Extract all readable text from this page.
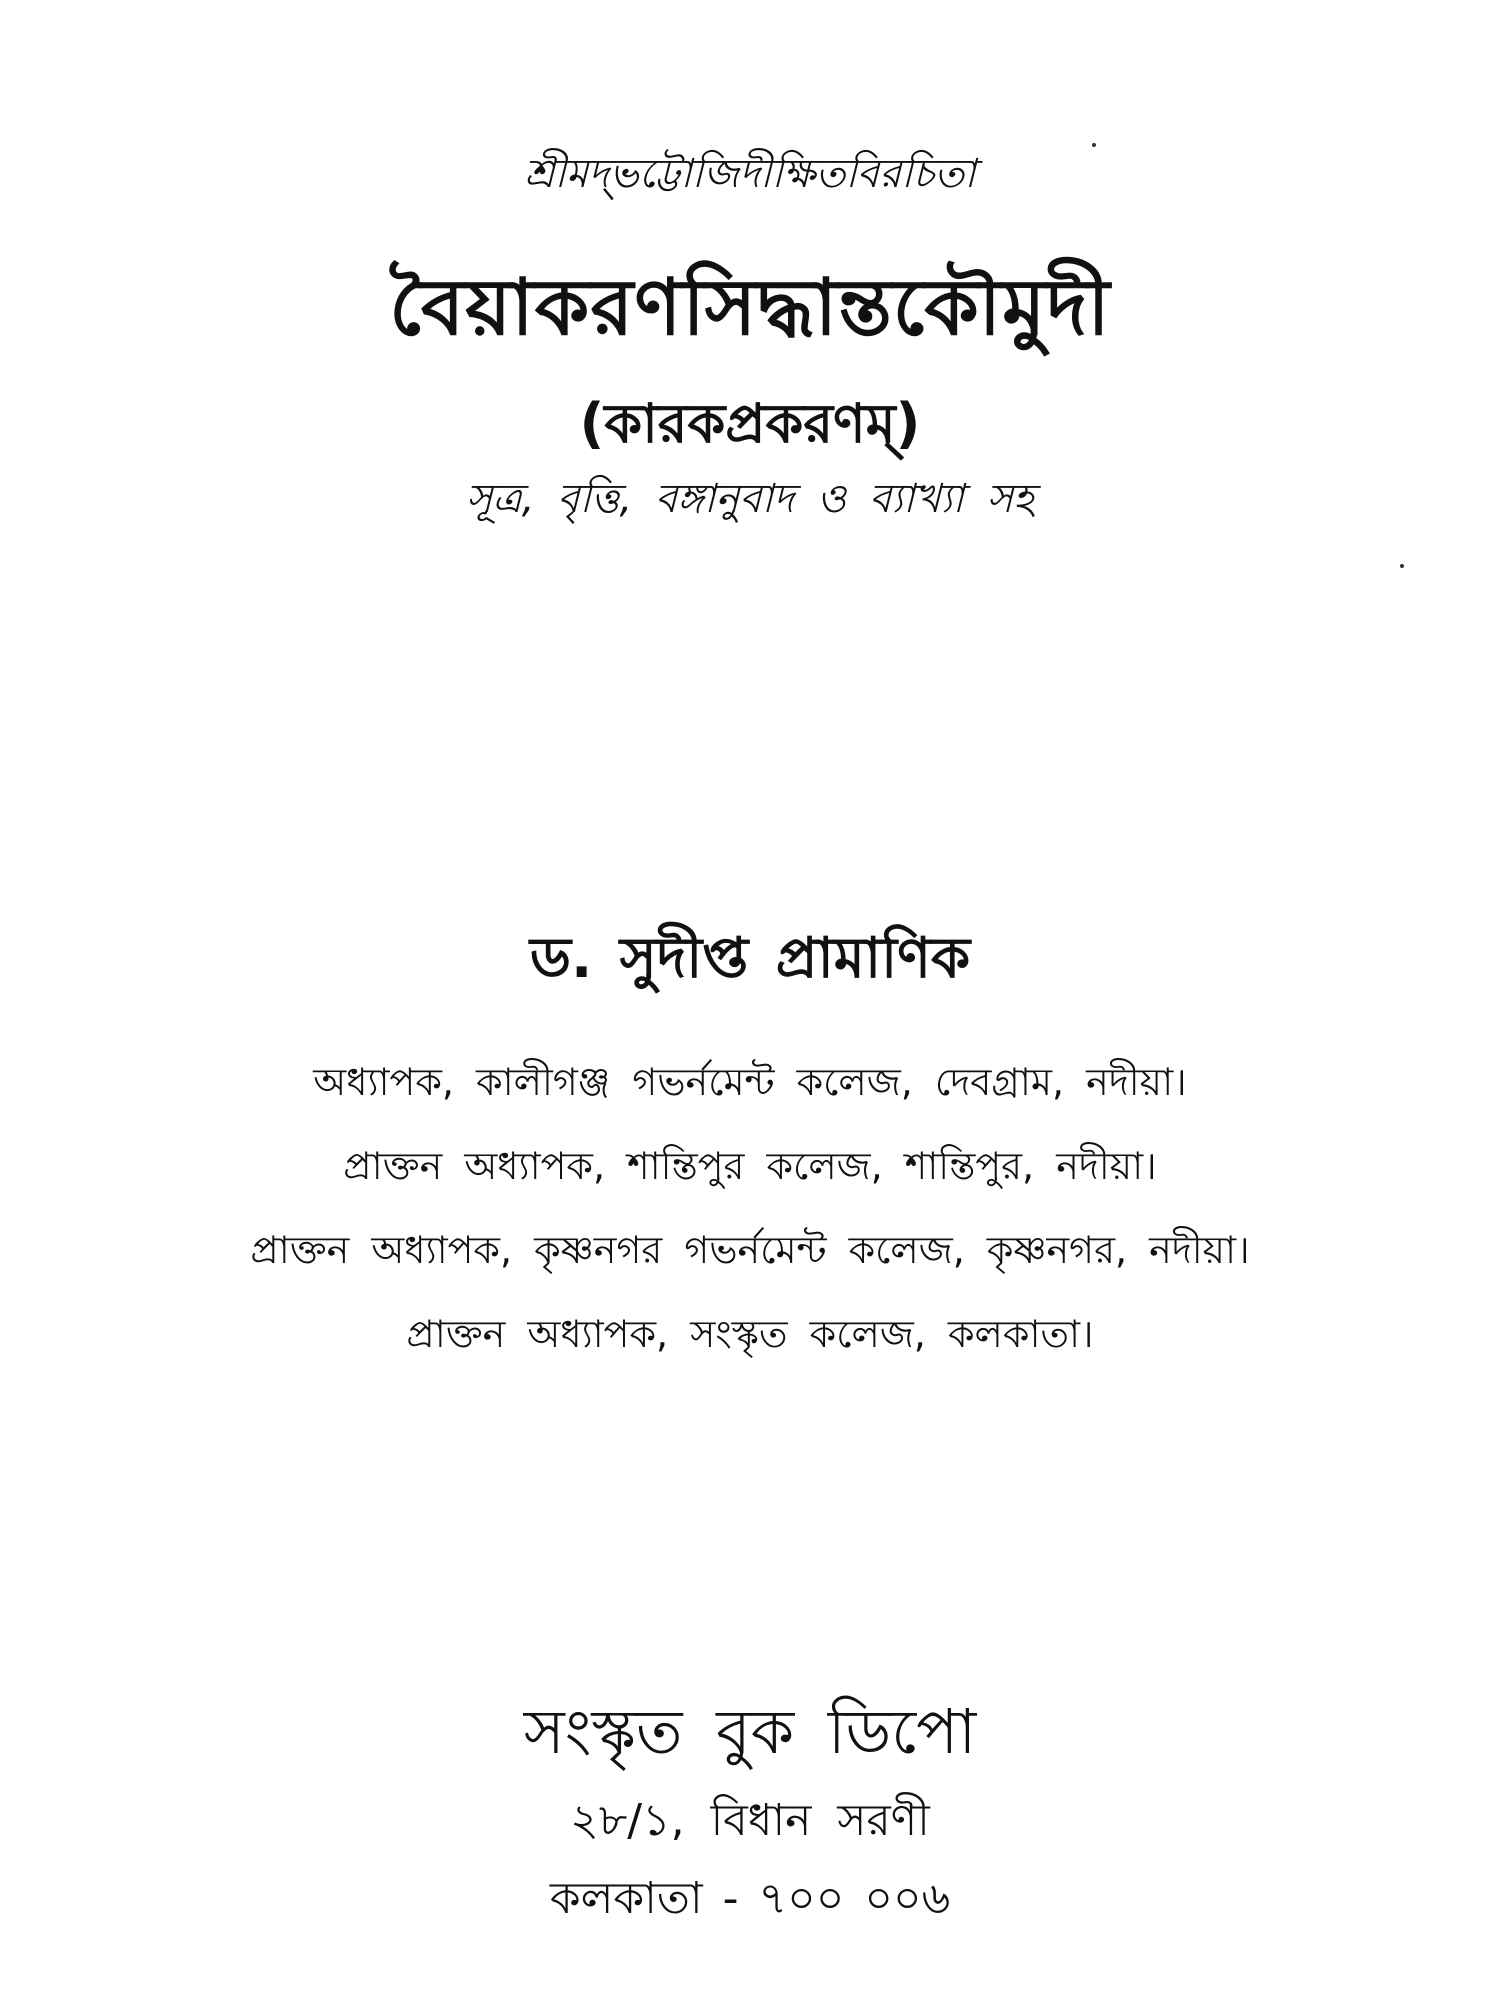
শ্রীমদ্‌ভট্টোজিদীক্ষিতবিরচিতা
বৈয়াকরণসিদ্ধান্তকৌমুদী
(কারকপ্রকরণম্)
সূত্র, বৃত্তি, বঙ্গানুবাদ ও ব্যাখ্যা সহ
ড. সুদীপ্ত প্রামাণিক
অধ্যাপক, কালীগঞ্জ গভর্নমেন্ট কলেজ, দেবগ্রাম, নদীয়া।
প্রাক্তন অধ্যাপক, শান্তিপুর কলেজ, শান্তিপুর, নদীয়া।
প্রাক্তন অধ্যাপক, কৃষ্ণনগর গভর্নমেন্ট কলেজ, কৃষ্ণনগর, নদীয়া।
প্রাক্তন অধ্যাপক, সংস্কৃত কলেজ, কলকাতা।
সংস্কৃত বুক ডিপো
২৮/১, বিধান সরণী
কলকাতা - ৭০০ ০০৬
